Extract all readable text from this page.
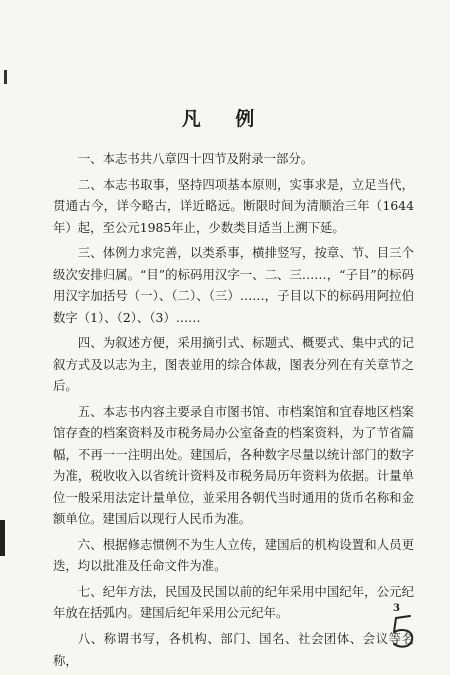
凡 例

一、本志书共八章四十四节及附录一部分。

二、本志书取事，坚持四项基本原则，实事求是，立足当代，贯通古今，详今略古，详近略远。断限时间为清顺治三年（1644年）起，至公元1985年止，少数类目适当上溯下延。

三、体例力求完善，以类系事，横排竖写，按章、节、目三个级次安排归属。“目”的标码用汉字一、二、三……，“子目”的标码用汉字加括号（一）、（二）、（三）……，子目以下的标码用阿拉伯数字（1）、（2）、（3）……

四、为叙述方便，采用摘引式、标题式、概要式、集中式的记叙方式及以志为主，图表並用的综合体裁，图表分列在有关章节之后。

五、本志书内容主要录自市图书馆、市档案馆和宜春地区档案馆存查的档案资料及市税务局办公室备查的档案资料，为了节省篇幅，不再一一注明出处。建国后，各种数字尽量以统计部门的数字为准，税收收入以省统计资料及市税务局历年资料为依据。计量单位一般采用法定计量单位，並采用各朝代当时通用的货币名称和金额单位。建国后以现行人民币为准。

六、根据修志惯例不为生人立传，建国后的机构设置和人员更迭，均以批准及任命文件为准。

七、纪年方法，民国及民国以前的纪年采用中国纪年，公元纪年放在括弧内。建国后纪年采用公元纪年。

八、称谓书写，各机构、部门、国名、社会团体、会议等名称，

3
